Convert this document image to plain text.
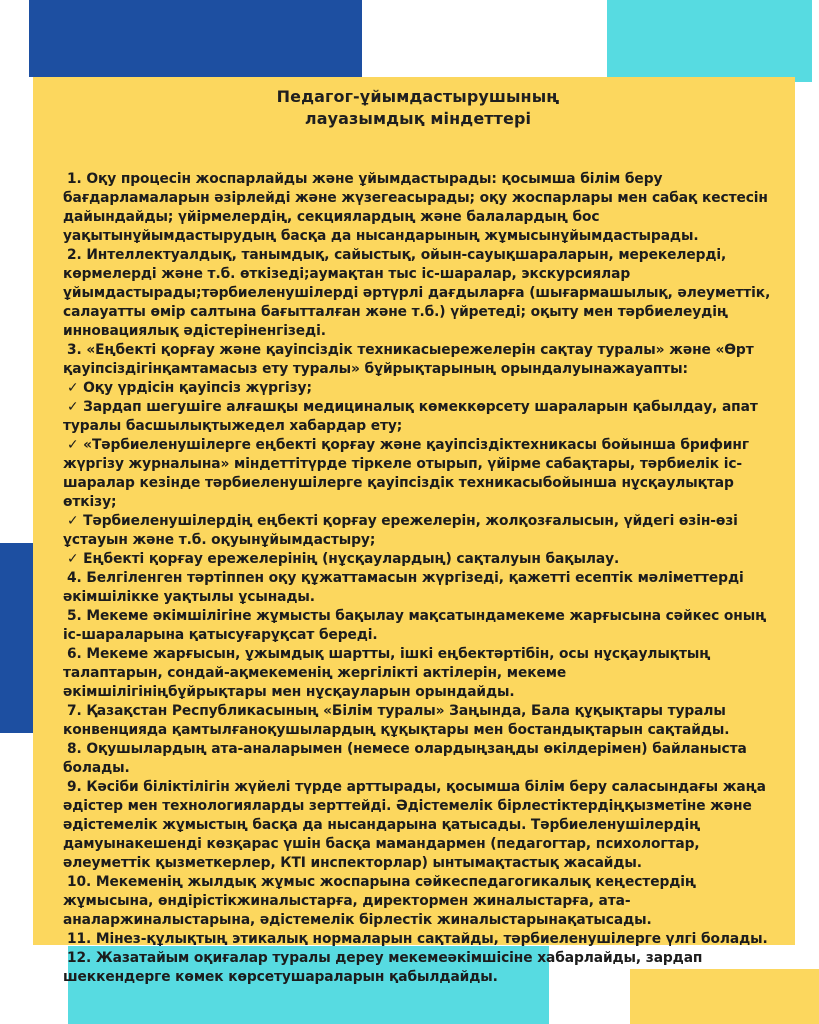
Педагог-ұйымдастырушының
лауазымдық міндеттері

1. Оқу процесін жоспарлайды және ұйымдастырады: қосымша білім беру бағдарламаларын әзірлейді және жүзегеасырады; оқу жоспарлары мен сабақ кестесін дайындайды; үйірмелердің, секциялардың және балалардың бос уақытынұйымдастырудың басқа да нысандарының жұмысынұйымдастырады.

2. Интеллектуалдық, танымдық, сайыстық, ойын-сауықшараларын, мерекелерді, көрмелерді және т.б. өткізеді;аумақтан тыс іс-шаралар, экскурсиялар ұйымдастырады;тәрбиеленушілерді әртүрлі дағдыларға (шығармашылық, әлеуметтік, салауатты өмір салтына бағытталған және т.б.) үйретеді; оқыту мен тәрбиелеудің инновациялық әдістеріненгізеді.

3. «Еңбекті қорғау және қауіпсіздік техникасыережелерін сақтау туралы» және «Өрт қауіпсіздігінқамтамасыз ету туралы» бұйрықтарының орындалуынажауапты:

✓ Оқу үрдісін қауіпсіз жүргізу;

✓ Зардап шегушіге алғашқы медициналық көмеккөрсету шараларын қабылдау, апат туралы басшылықтыжедел хабардар ету;

✓ «Тәрбиеленушілерге еңбекті қорғау және қауіпсіздіктехникасы бойынша брифинг жүргізу журналына» міндеттітүрде тіркеле отырып, үйірме сабақтары, тәрбиелік іс-шаралар кезінде тәрбиеленушілерге қауіпсіздік техникасыбойынша нұсқаулықтар өткізу;

✓ Тәрбиеленушілердің еңбекті қорғау ережелерін, жолқозғалысын, үйдегі өзін-өзі ұстауын және т.б. оқуынұйымдастыру;

✓ Еңбекті қорғау ережелерінің (нұсқаулардың) сақталуын бақылау.

4. Белгіленген тәртіппен оқу құжаттамасын жүргізеді, қажетті есептік мәліметтерді әкімшілікке уақтылы ұсынады.

5. Мекеме әкімшілігіне жұмысты бақылау мақсатындамекеме жарғысына сәйкес оның іс-шараларына қатысуғарұқсат береді.

6. Мекеме жарғысын, ұжымдық шартты, ішкі еңбектәртібін, осы нұсқаулықтың талаптарын, сондай-ақмекеменің жергілікті актілерін, мекеме әкімшілігініңбұйрықтары мен нұсқауларын орындайды.

7. Қазақстан Республикасының «Білім туралы» Заңында, Бала құқықтары туралы конвенцияда қамтылғаноқушылардың құқықтары мен бостандықтарын сақтайды.

8. Оқушылардың ата-аналарымен (немесе олардыңзаңды өкілдерімен) байланыста болады.

9. Кәсіби біліктілігін жүйелі түрде арттырады, қосымша білім беру саласындағы жаңа әдістер мен технологияларды зерттейді. Әдістемелік бірлестіктердіңқызметіне және әдістемелік жұмыстың басқа да нысандарына қатысады. Тәрбиеленушілердің дамуынакешенді көзқарас үшін басқа мамандармен (педагогтар, психологтар, әлеуметтік қызметкерлер, КТІ инспекторлар) ынтымақтастық жасайды.

10. Мекеменің жылдық жұмыс жоспарына сәйкеспедагогикалық кеңестердің жұмысына, өндірістікжиналыстарға, директормен жиналыстарға, ата-аналаржиналыстарына, әдістемелік бірлестік жиналыстарынақатысады.

11. Мінез-құлықтың этикалық нормаларын сақтайды, тәрбиеленушілерге үлгі болады.

12. Жазатайым оқиғалар туралы дереу мекемеәкімшісіне хабарлайды, зардап шеккендерге көмек көрсетушараларын қабылдайды.
